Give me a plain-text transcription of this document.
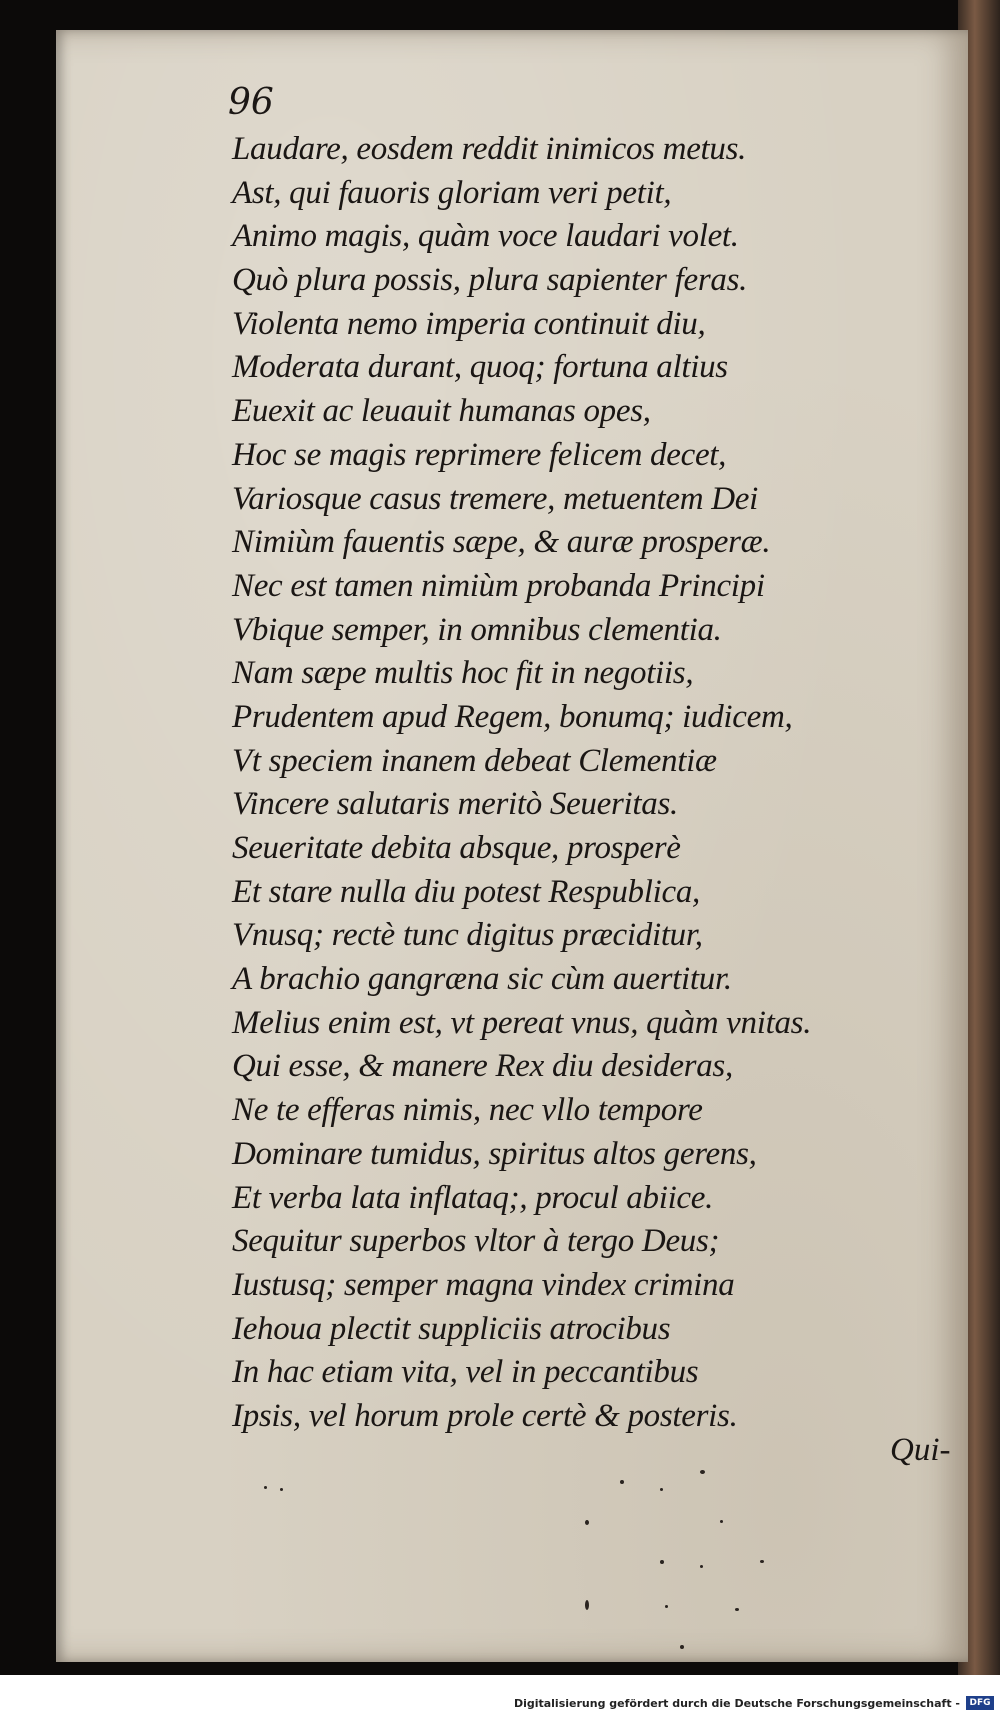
96

Laudare, eosdem reddit inimicos metus.

Ast, qui fauoris gloriam veri petit,

Animo magis, quàm voce laudari volet.

Quò plura possis, plura sapienter feras.

Violenta nemo imperia continuit diu,

Moderata durant, quoq; fortuna altius

Euexit ac leuauit humanas opes,

Hoc se magis reprimere felicem decet,

Variosque casus tremere, metuentem Dei

Nimiùm fauentis sæpe, & auræ prosperæ.

Nec est tamen nimiùm probanda Principi

Vbique semper, in omnibus clementia.

Nam sæpe multis hoc fit in negotiis,

Prudentem apud Regem, bonumq; iudicem,

Vt speciem inanem debeat Clementiæ

Vincere salutaris meritò Seueritas.

Seueritate debita absque, prosperè

Et stare nulla diu potest Respublica,

Vnusq; rectè tunc digitus præciditur,

A brachio gangræna sic cùm auertitur.

Melius enim est, vt pereat vnus, quàm vnitas.

Qui esse, & manere Rex diu desideras,

Ne te efferas nimis, nec vllo tempore

Dominare tumidus, spiritus altos gerens,

Et verba lata inflataq;, procul abiice.

Sequitur superbos vltor à tergo Deus;

Iustusq; semper magna vindex crimina

Iehoua plectit suppliciis atrocibus

In hac etiam vita, vel in peccantibus

Ipsis, vel horum prole certè & posteris.

Qui-

Digitalisierung gefördert durch die Deutsche Forschungsgemeinschaft -	DFG
